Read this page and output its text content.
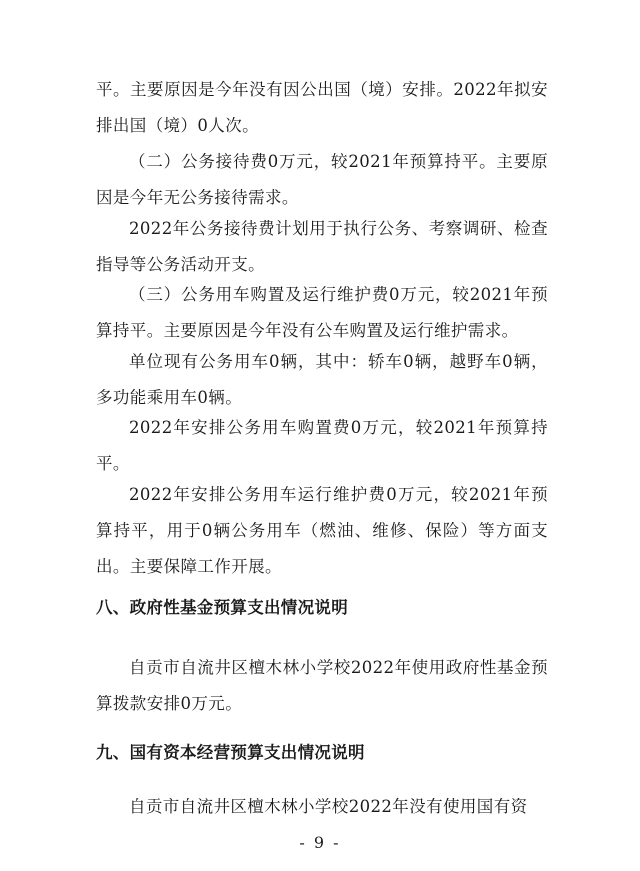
平。主要原因是今年没有因公出国（境）安排。2022年拟安排出国（境）0人次。

（二）公务接待费0万元，较2021年预算持平。主要原因是今年无公务接待需求。

2022年公务接待费计划用于执行公务、考察调研、检查指导等公务活动开支。

（三）公务用车购置及运行维护费0万元，较2021年预算持平。主要原因是今年没有公车购置及运行维护需求。

单位现有公务用车0辆，其中：轿车0辆，越野车0辆，多功能乘用车0辆。

2022年安排公务用车购置费0万元，较2021年预算持平。

2022年安排公务用车运行维护费0万元，较2021年预算持平，用于0辆公务用车（燃油、维修、保险）等方面支出。主要保障工作开展。

八、政府性基金预算支出情况说明

自贡市自流井区檀木林小学校2022年使用政府性基金预算拨款安排0万元。

九、国有资本经营预算支出情况说明

自贡市自流井区檀木林小学校2022年没有使用国有资

- 9 -
